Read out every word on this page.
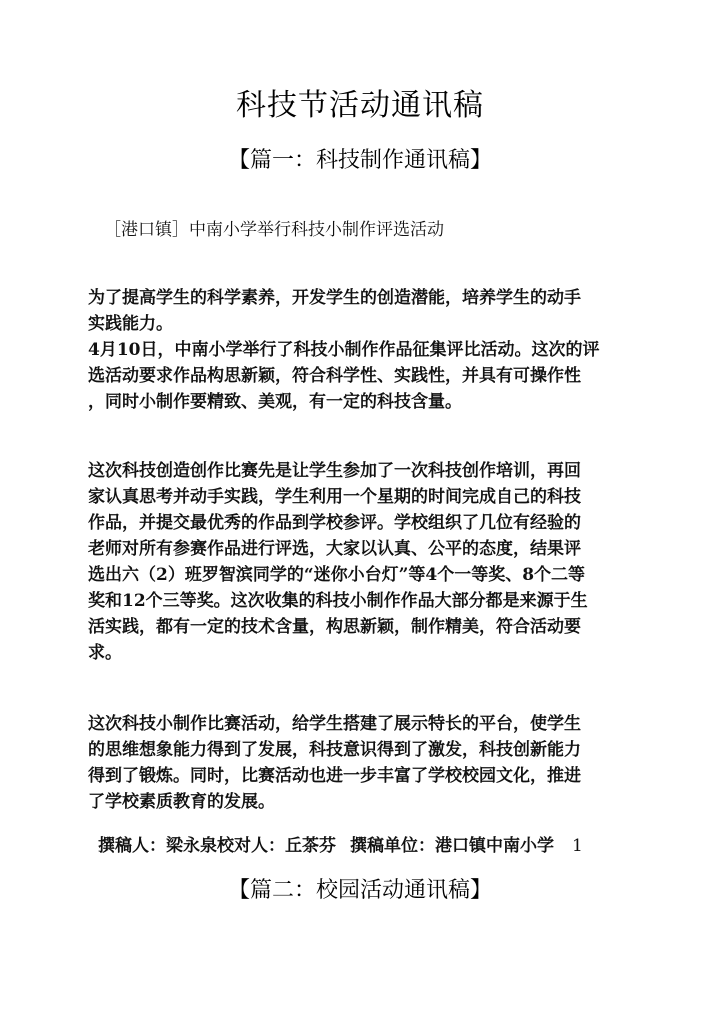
科技节活动通讯稿
【篇一：科技制作通讯稿】
［港口镇］中南小学举行科技小制作评选活动
为了提高学生的科学素养，开发学生的创造潜能，培养学生的动手
实践能力。
4月10日，中南小学举行了科技小制作作品征集评比活动。这次的评
选活动要求作品构思新颖，符合科学性、实践性，并具有可操作性
，同时小制作要精致、美观，有一定的科技含量。
这次科技创造创作比赛先是让学生参加了一次科技创作培训，再回
家认真思考并动手实践，学生利用一个星期的时间完成自己的科技
作品，并提交最优秀的作品到学校参评。学校组织了几位有经验的
老师对所有参赛作品进行评选，大家以认真、公平的态度，结果评
选出六（2）班罗智滨同学的“迷你小台灯”等4个一等奖、8个二等
奖和12个三等奖。这次收集的科技小制作作品大部分都是来源于生
活实践，都有一定的技术含量，构思新颖，制作精美，符合活动要
求。
这次科技小制作比赛活动，给学生搭建了展示特长的平台，使学生
的思维想象能力得到了发展，科技意识得到了激发，科技创新能力
得到了锻炼。同时，比赛活动也进一步丰富了学校校园文化，推进
了学校素质教育的发展。
撰稿人：梁永泉校对人：丘茶芬 撰稿单位：港口镇中南小学 1
【篇二：校园活动通讯稿】
